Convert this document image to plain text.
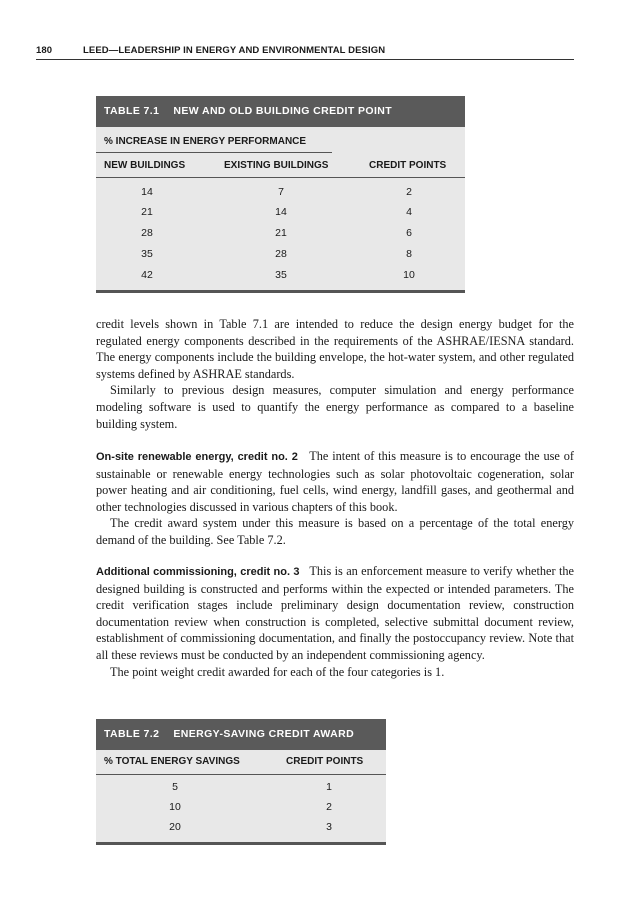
180	LEED—LEADERSHIP IN ENERGY AND ENVIRONMENTAL DESIGN
TABLE 7.1 NEW AND OLD BUILDING CREDIT POINT
% INCREASE IN ENERGY PERFORMANCE
NEW BUILDINGS	EXISTING BUILDINGS	CREDIT POINTS
14	7	2
21	14	4
28	21	6
35	28	8
42	35	10

credit levels shown in Table 7.1 are intended to reduce the design energy budget for the regulated energy components described in the requirements of the ASHRAE/IESNA standard. The energy components include the building envelope, the hot-water system, and other regulated systems defined by ASHRAE standards.

Similarly to previous design measures, computer simulation and energy performance modeling software is used to quantify the energy performance as compared to a baseline building system.

On-site renewable energy, credit no. 2 The intent of this measure is to encourage the use of sustainable or renewable energy technologies such as solar photovoltaic cogeneration, solar power heating and air conditioning, fuel cells, wind energy, landfill gases, and geothermal and other technologies discussed in various chapters of this book.

The credit award system under this measure is based on a percentage of the total energy demand of the building. See Table 7.2.

Additional commissioning, credit no. 3 This is an enforcement measure to verify whether the designed building is constructed and performs within the expected or intended parameters. The credit verification stages include preliminary design documentation review, construction documentation review when construction is completed, selective submittal document review, establishment of commissioning documentation, and finally the postoccupancy review. Note that all these reviews must be conducted by an independent commissioning agency.

The point weight credit awarded for each of the four categories is 1.

TABLE 7.2 ENERGY-SAVING CREDIT AWARD
% TOTAL ENERGY SAVINGS	CREDIT POINTS
5	1
10	2
20	3
